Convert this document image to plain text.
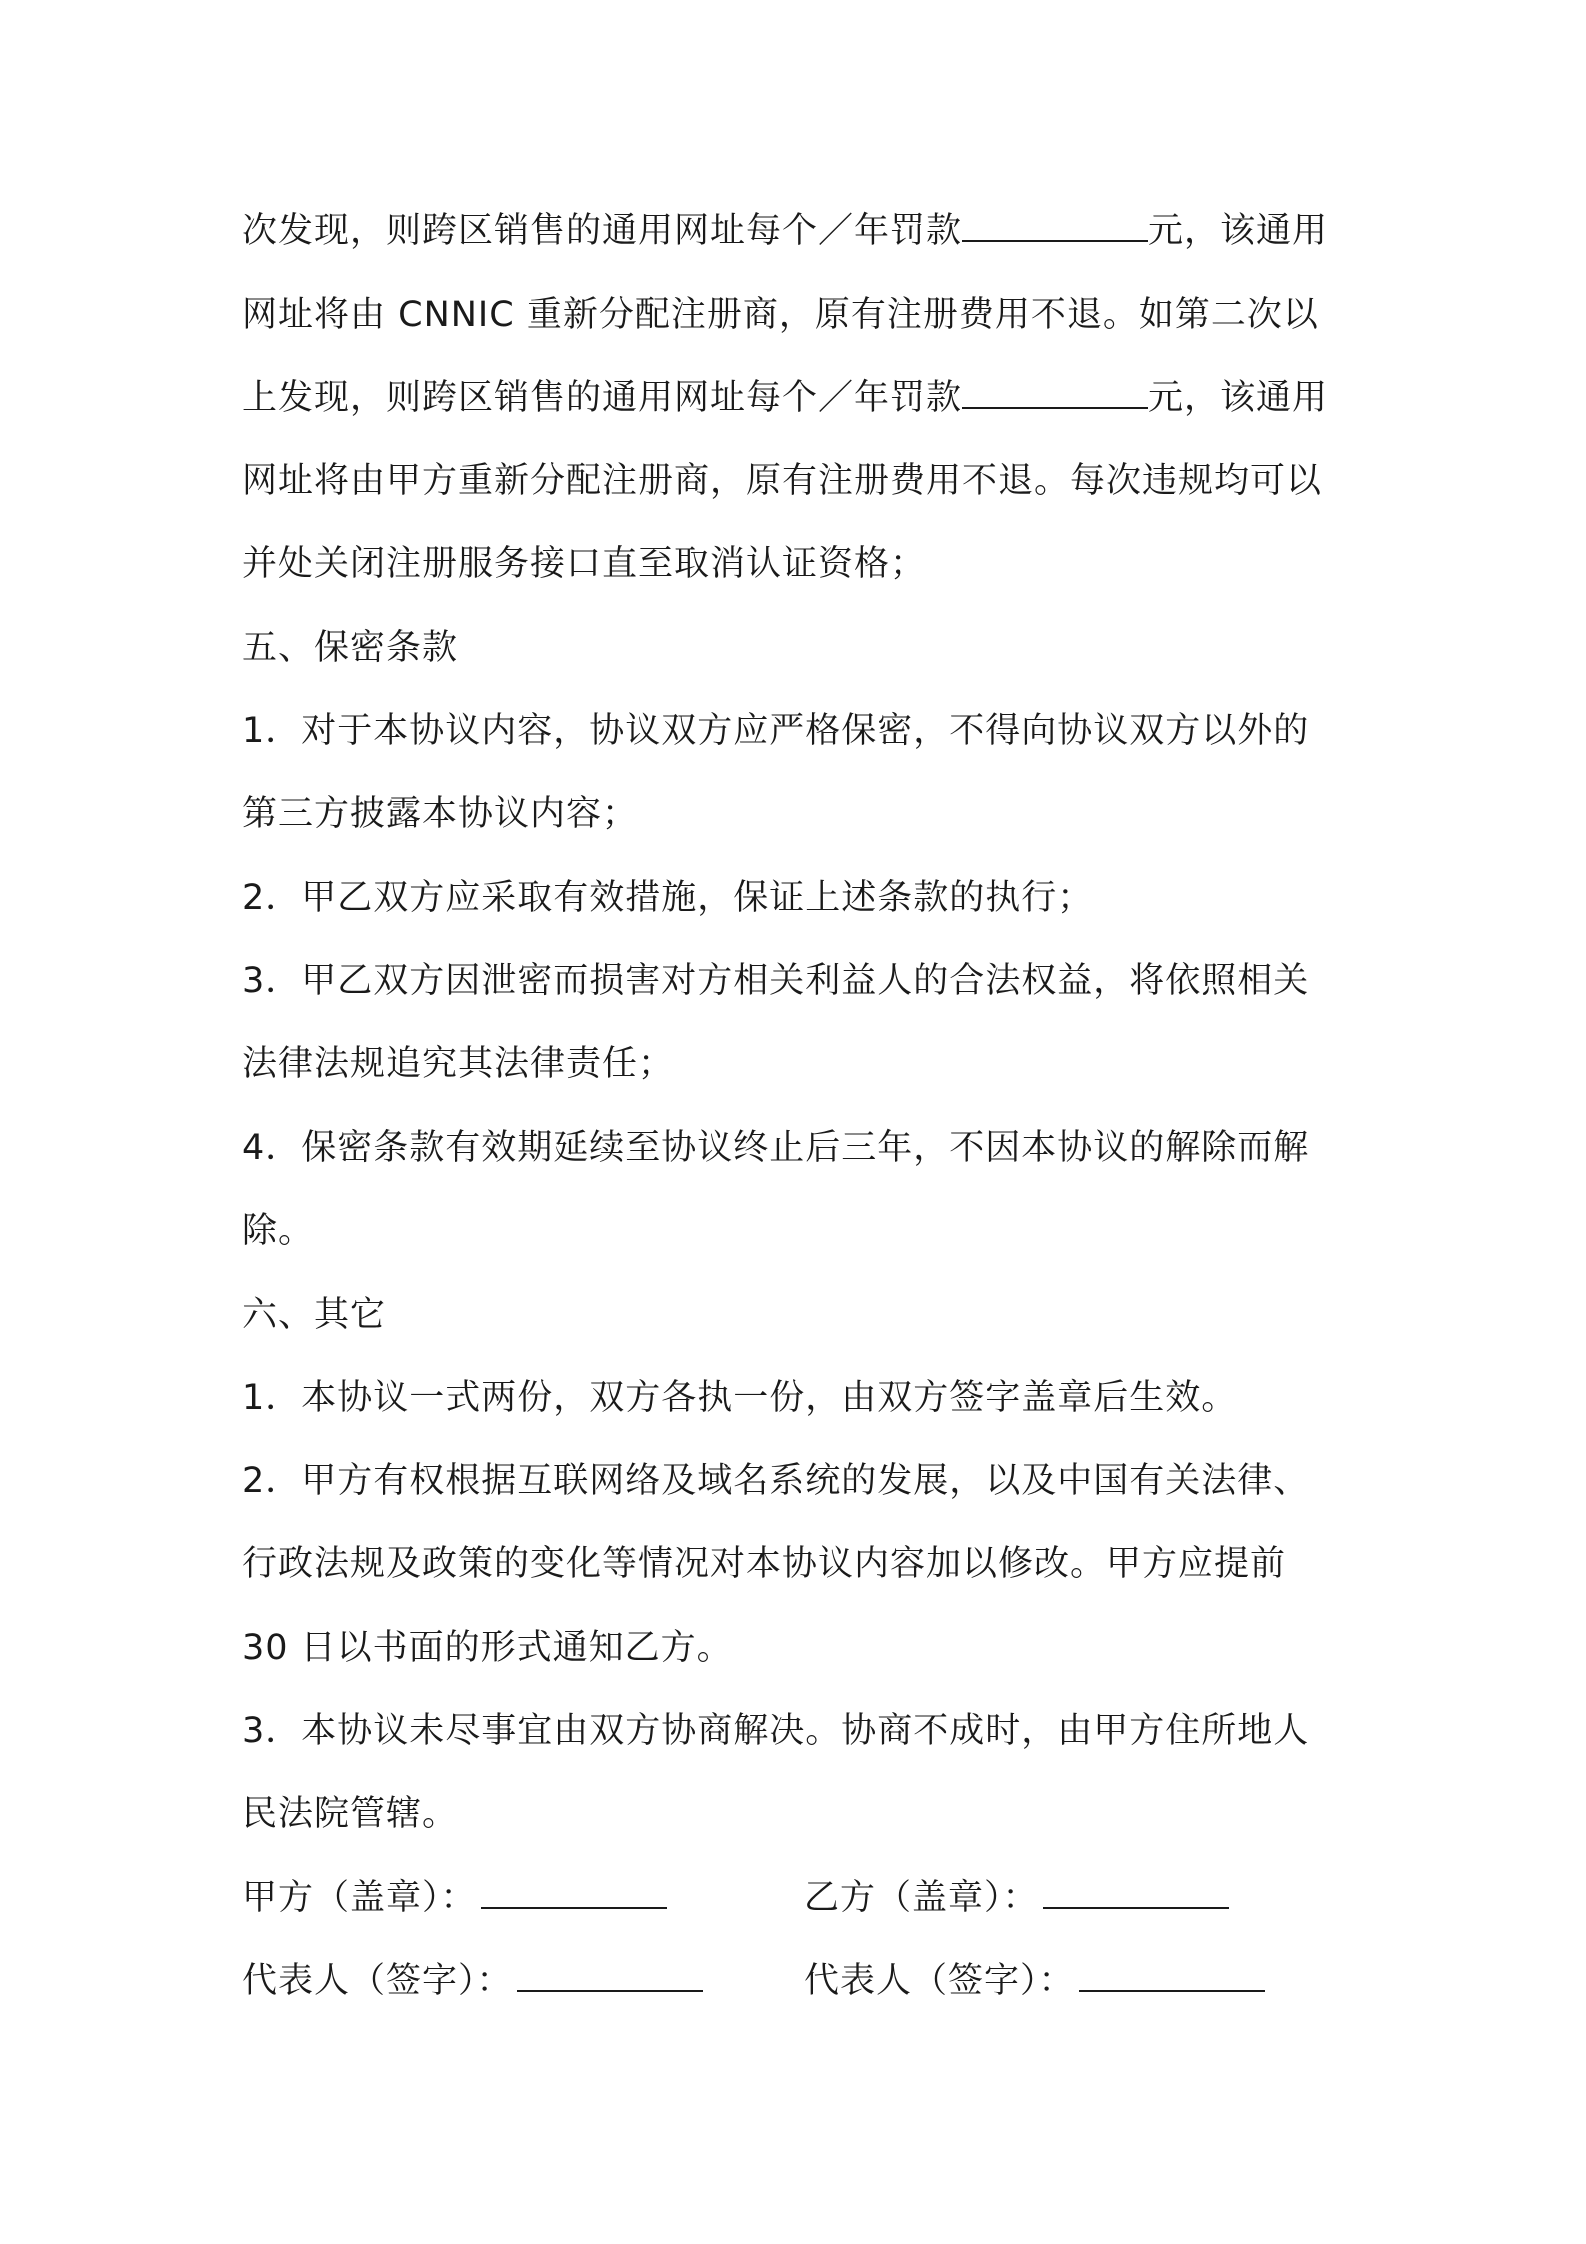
次发现，则跨区销售的通用网址每个／年罚款	元，该通用
网址将由 CNNIC 重新分配注册商，原有注册费用不退。如第二次以
上发现，则跨区销售的通用网址每个／年罚款	元，该通用
网址将由甲方重新分配注册商，原有注册费用不退。每次违规均可以
并处关闭注册服务接口直至取消认证资格；
五、保密条款
1．对于本协议内容，协议双方应严格保密，不得向协议双方以外的
第三方披露本协议内容；
2．甲乙双方应采取有效措施，保证上述条款的执行；
3．甲乙双方因泄密而损害对方相关利益人的合法权益，将依照相关
法律法规追究其法律责任；
4．保密条款有效期延续至协议终止后三年，不因本协议的解除而解
除。
六、其它
1．本协议一式两份，双方各执一份，由双方签字盖章后生效。
2．甲方有权根据互联网络及域名系统的发展，以及中国有关法律、
行政法规及政策的变化等情况对本协议内容加以修改。甲方应提前
30 日以书面的形式通知乙方。
3．本协议未尽事宜由双方协商解决。协商不成时，由甲方住所地人
民法院管辖。
甲方（盖章）：	乙方（盖章）：
代表人（签字）：	代表人（签字）：
